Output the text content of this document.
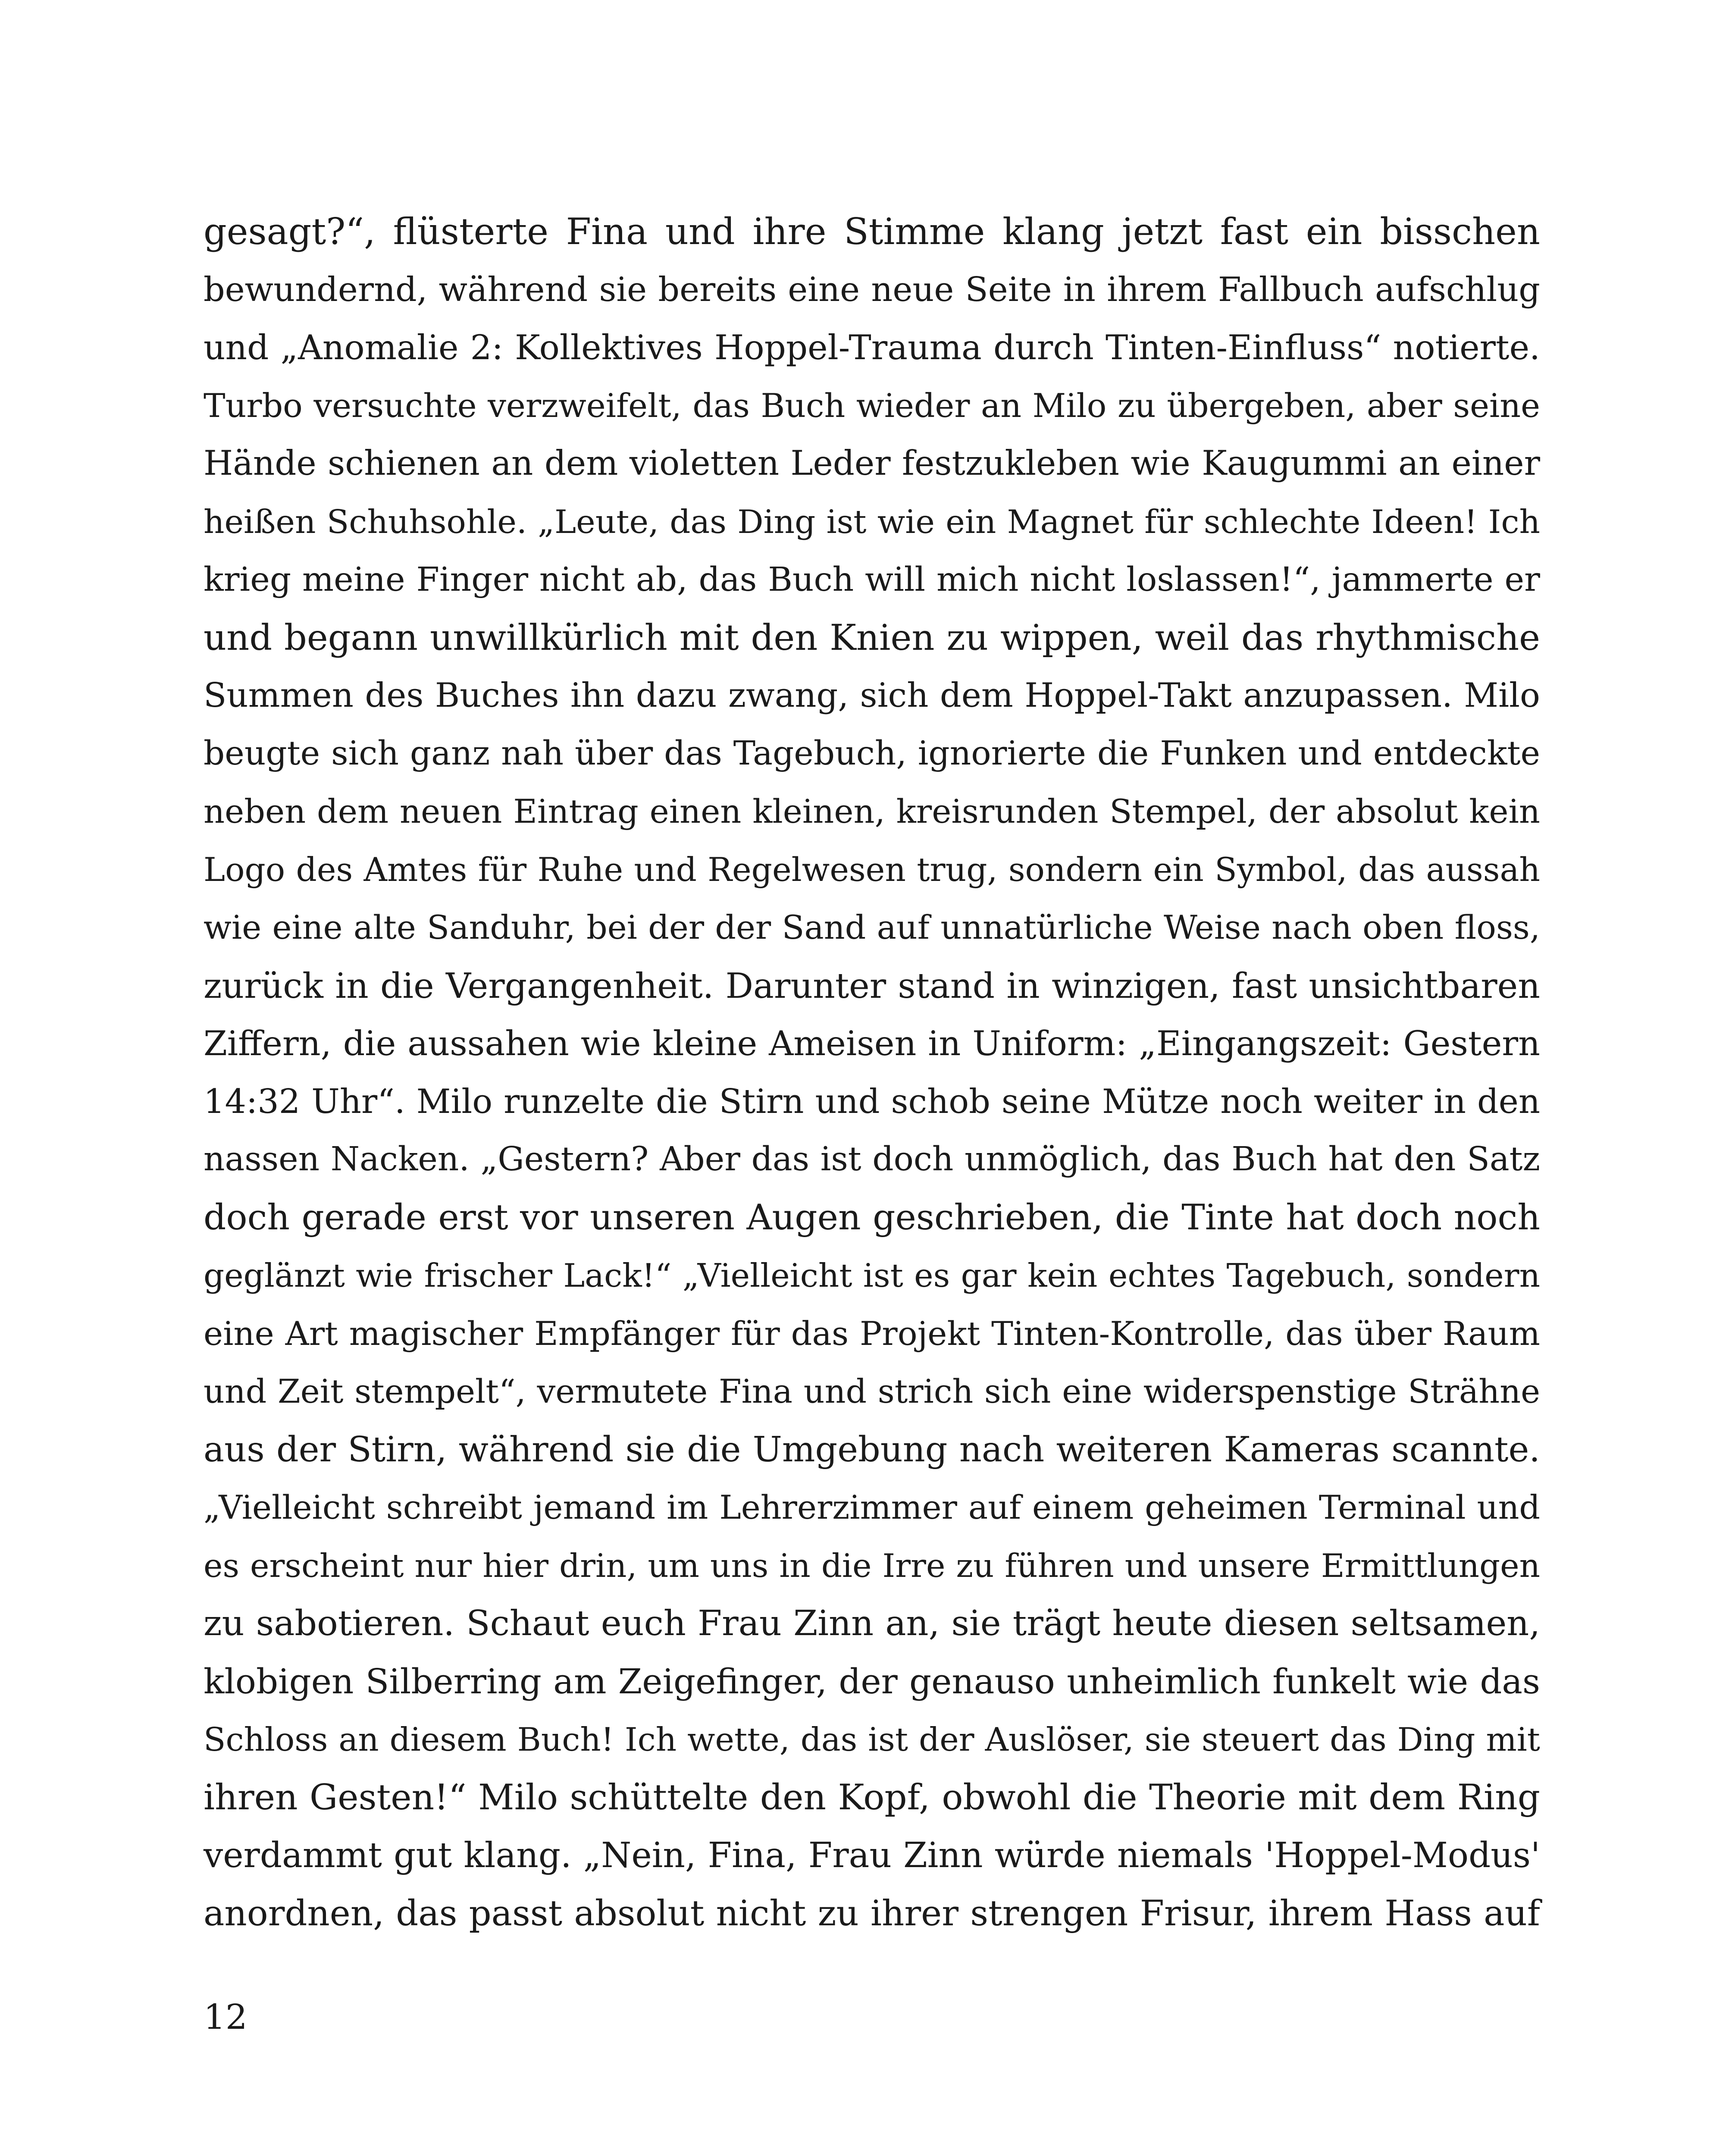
gesagt?“, flüsterte Fina und ihre Stimme klang jetzt fast ein bisschen
bewundernd, während sie bereits eine neue Seite in ihrem Fallbuch aufschlug
und „Anomalie 2: Kollektives Hoppel-Trauma durch Tinten-Einfluss“ notierte.
Turbo versuchte verzweifelt, das Buch wieder an Milo zu übergeben, aber seine
Hände schienen an dem violetten Leder festzukleben wie Kaugummi an einer
heißen Schuhsohle. „Leute, das Ding ist wie ein Magnet für schlechte Ideen! Ich
krieg meine Finger nicht ab, das Buch will mich nicht loslassen!“, jammerte er
und begann unwillkürlich mit den Knien zu wippen, weil das rhythmische
Summen des Buches ihn dazu zwang, sich dem Hoppel-Takt anzupassen. Milo
beugte sich ganz nah über das Tagebuch, ignorierte die Funken und entdeckte
neben dem neuen Eintrag einen kleinen, kreisrunden Stempel, der absolut kein
Logo des Amtes für Ruhe und Regelwesen trug, sondern ein Symbol, das aussah
wie eine alte Sanduhr, bei der der Sand auf unnatürliche Weise nach oben floss,
zurück in die Vergangenheit. Darunter stand in winzigen, fast unsichtbaren
Ziffern, die aussahen wie kleine Ameisen in Uniform: „Eingangszeit: Gestern
14:32 Uhr“. Milo runzelte die Stirn und schob seine Mütze noch weiter in den
nassen Nacken. „Gestern? Aber das ist doch unmöglich, das Buch hat den Satz
doch gerade erst vor unseren Augen geschrieben, die Tinte hat doch noch
geglänzt wie frischer Lack!“ „Vielleicht ist es gar kein echtes Tagebuch, sondern
eine Art magischer Empfänger für das Projekt Tinten-Kontrolle, das über Raum
und Zeit stempelt“, vermutete Fina und strich sich eine widerspenstige Strähne
aus der Stirn, während sie die Umgebung nach weiteren Kameras scannte.
„Vielleicht schreibt jemand im Lehrerzimmer auf einem geheimen Terminal und
es erscheint nur hier drin, um uns in die Irre zu führen und unsere Ermittlungen
zu sabotieren. Schaut euch Frau Zinn an, sie trägt heute diesen seltsamen,
klobigen Silberring am Zeigefinger, der genauso unheimlich funkelt wie das
Schloss an diesem Buch! Ich wette, das ist der Auslöser, sie steuert das Ding mit
ihren Gesten!“ Milo schüttelte den Kopf, obwohl die Theorie mit dem Ring
verdammt gut klang. „Nein, Fina, Frau Zinn würde niemals 'Hoppel-Modus'
anordnen, das passt absolut nicht zu ihrer strengen Frisur, ihrem Hass auf
12
